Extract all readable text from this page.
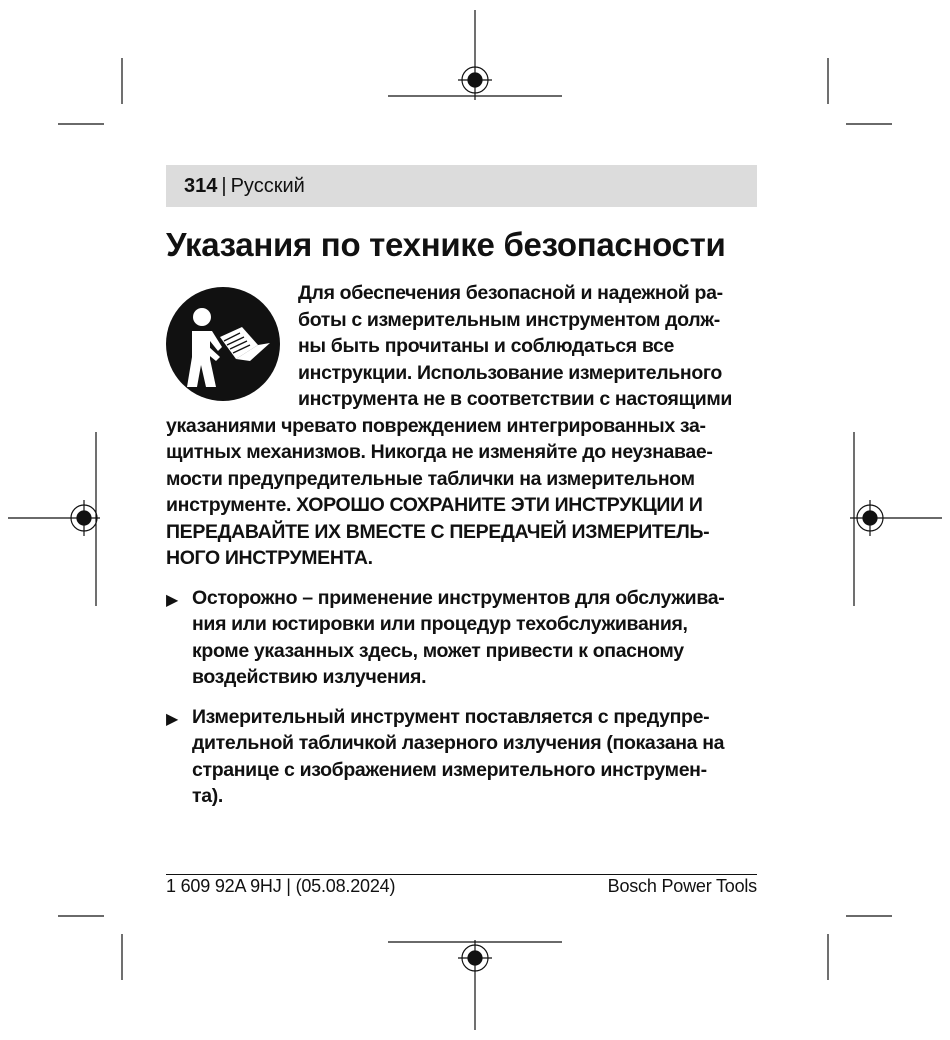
314 | Русский
Указания по технике безопасности
Для обеспечения безопасной и надежной ра-
боты с измерительным инструментом долж-
ны быть прочитаны и соблюдаться все
инструкции. Использование измерительного
инструмента не в соответствии с настоящими
указаниями чревато повреждением интегрированных за-
щитных механизмов. Никогда не изменяйте до неузнавае-
мости предупредительные таблички на измерительном
инструменте. ХОРОШО СОХРАНИТЕ ЭТИ ИНСТРУКЦИИ И
ПЕРЕДАВАЙТЕ ИХ ВМЕСТЕ С ПЕРЕДАЧЕЙ ИЗМЕРИТЕЛЬ-
НОГО ИНСТРУМЕНТА.
▶ Осторожно – применение инструментов для обслужива-
ния или юстировки или процедур техобслуживания,
кроме указанных здесь, может привести к опасному
воздействию излучения.
▶ Измерительный инструмент поставляется с предупре-
дительной табличкой лазерного излучения (показана на
странице с изображением измерительного инструмен-
та).
1 609 92A 9HJ | (05.08.2024)	Bosch Power Tools
